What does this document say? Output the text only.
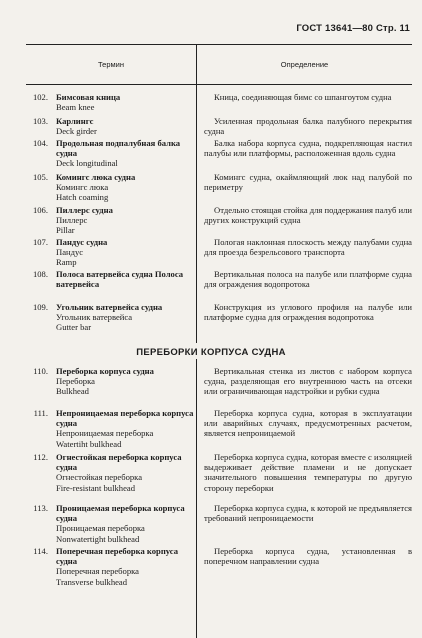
ГОСТ 13641—80 Стр. 11
Термин	Определение
ПЕРЕБОРКИ КОРПУСА СУДНА
102. Бимсовая кница
Beam knee
Кница, соединяющая бимс со шпангоутом судна
103. Карлингс
Deck girder
Усиленная продольная балка палубного перекрытия судна
104. Продольная подпалубная балка судна
Deck longitudinal
Балка набора корпуса судна, подкрепляющая настил палубы или платформы, расположенная вдоль судна
105. Комингс люка судна
Комингс люка
Hatch coaming
Комингс судна, окаймляющий люк над палубой по периметру
106. Пиллерс судна
Пиллерс
Pillar
Отдельно стоящая стойка для поддержания палуб или других конструкций судна
107. Пандус судна
Пандус
Ramp
Пологая наклонная плоскость между палубами судна для проезда безрельсового транспорта
108. Полоса ватервейса судна Полоса ватервейса
Вертикальная полоса на палубе или платформе судна для ограждения водопротока
109. Угольник ватервейса судна
Угольник ватервейса
Gutter bar
Конструкция из углового профиля на палубе или платформе судна для ограждения водопротока
110. Переборка корпуса судна
Переборка
Bulkhead
Вертикальная стенка из листов с набором корпуса судна, разделяющая его внутреннюю часть на отсеки или ограничивающая надстройки и рубки судна
111. Непроницаемая переборка корпуса судна
Непроницаемая переборка
Watertiht bulkhead
Переборка корпуса судна, которая в эксплуатации или аварийных случаях, предусмотренных расчетом, является непроницаемой
112. Огнестойкая переборка корпуса судна
Огнестойкая переборка
Fire-resistant bulkhead
Переборка корпуса судна, которая вместе с изоляцией выдерживает действие пламени и не допускает значительного повышения температуры по другую сторону переборки
113. Проницаемая переборка корпуса судна
Проницаемая переборка
Nonwatertight bulkhead
Переборка корпуса судна, к которой не предъявляется требований непроницаемости
114. Поперечная переборка корпуса судна
Поперечная переборка
Transverse bulkhead
Переборка корпуса судна, установленная в поперечном направлении судна
